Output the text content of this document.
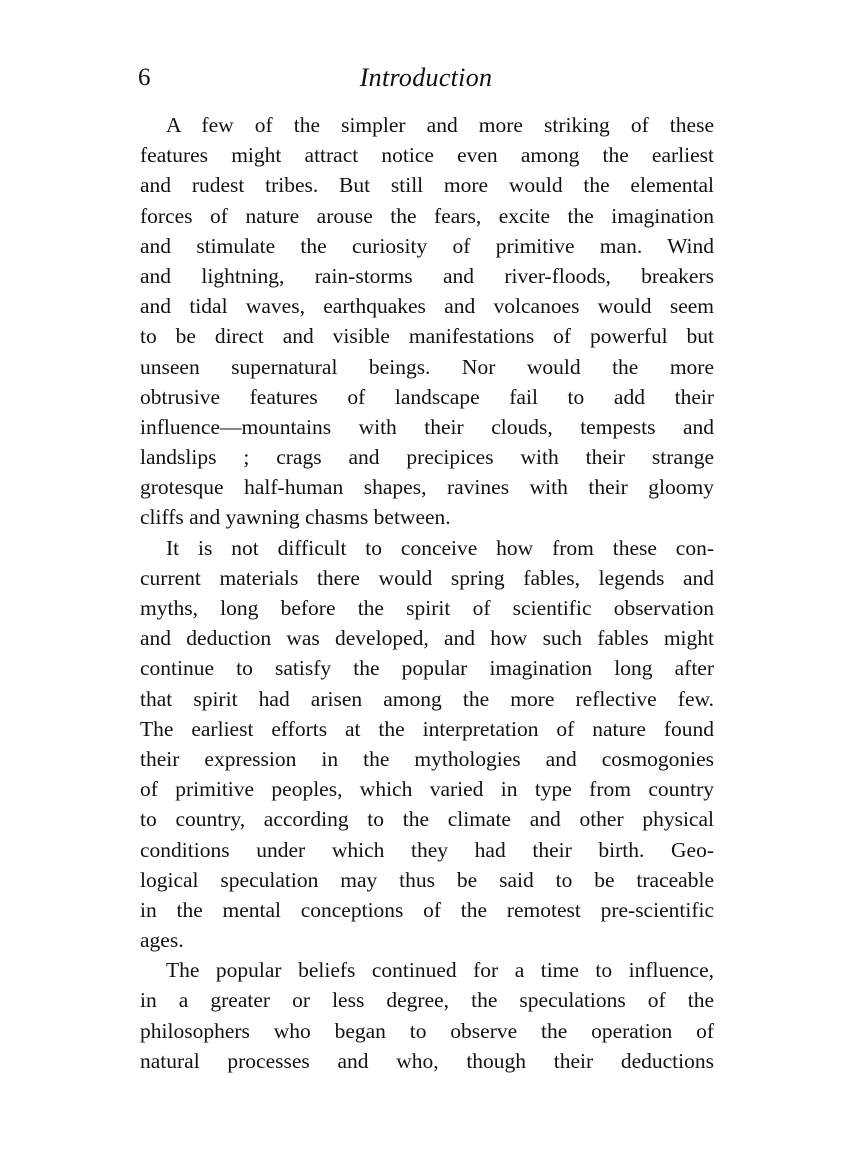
6	Introduction

A few of the simpler and more striking of these
features might attract notice even among the earliest
and rudest tribes. But still more would the elemental
forces of nature arouse the fears, excite the imagination
and stimulate the curiosity of primitive man. Wind
and lightning, rain-storms and river-floods, breakers
and tidal waves, earthquakes and volcanoes would seem
to be direct and visible manifestations of powerful but
unseen supernatural beings. Nor would the more
obtrusive features of landscape fail to add their
influence—mountains with their clouds, tempests and
landslips ; crags and precipices with their strange
grotesque half-human shapes, ravines with their gloomy
cliffs and yawning chasms between.

It is not difficult to conceive how from these con-
current materials there would spring fables, legends and
myths, long before the spirit of scientific observation
and deduction was developed, and how such fables might
continue to satisfy the popular imagination long after
that spirit had arisen among the more reflective few.
The earliest efforts at the interpretation of nature found
their expression in the mythologies and cosmogonies
of primitive peoples, which varied in type from country
to country, according to the climate and other physical
conditions under which they had their birth. Geo-
logical speculation may thus be said to be traceable
in the mental conceptions of the remotest pre-scientific
ages.

The popular beliefs continued for a time to influence,
in a greater or less degree, the speculations of the
philosophers who began to observe the operation of
natural processes and who, though their deductions
